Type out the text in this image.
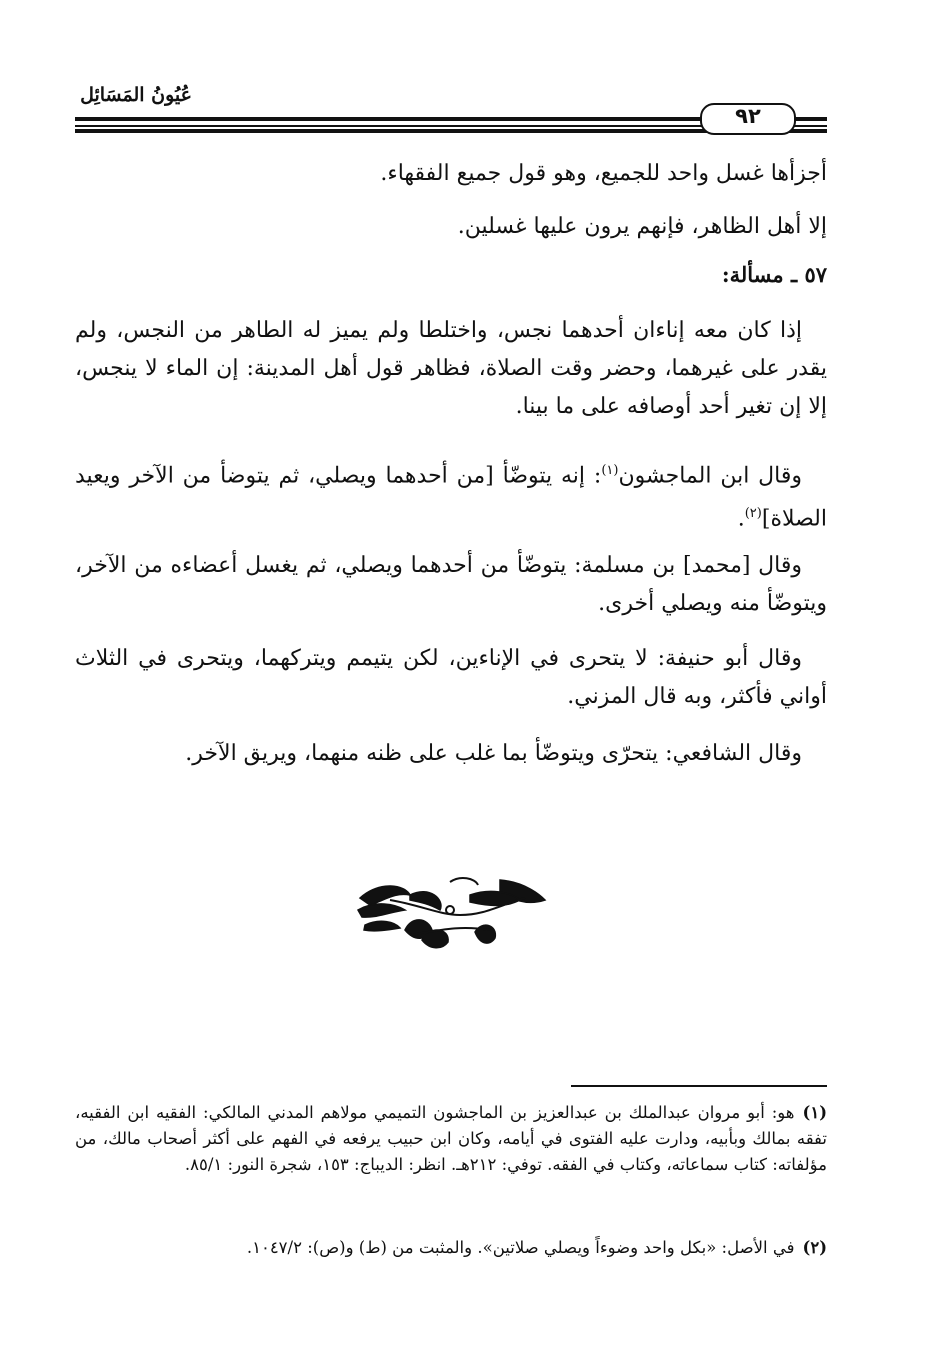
عُيُونُ المَسَائِل
٩٢
أجزأها غسل واحد للجميع، وهو قول جميع الفقهاء.
إلا أهل الظاهر، فإنهم يرون عليها غسلين.
٥٧ ـ مسألة:
إذا كان معه إناءان أحدهما نجس، واختلطا ولم يميز له الطاهر من النجس، ولم يقدر على غيرهما، وحضر وقت الصلاة، فظاهر قول أهل المدينة: إن الماء لا ينجس، إلا إن تغير أحد أوصافه على ما بينا.
وقال ابن الماجشون$^{(١)}$: إنه يتوضّأ [من أحدهما ويصلي، ثم يتوضأ من الآخر ويعيد الصلاة]$^{(٢)}$.
وقال [محمد] بن مسلمة: يتوضّأ من أحدهما ويصلي، ثم يغسل أعضاءه من الآخر، ويتوضّأ منه ويصلي أخرى.
وقال أبو حنيفة: لا يتحرى في الإناءين، لكن يتيمم ويتركهما، ويتحرى في الثلاث أواني فأكثر، وبه قال المزني.
وقال الشافعي: يتحرّى ويتوضّأ بما غلب على ظنه منهما، ويريق الآخر.
(١)هو: أبو مروان عبدالملك بن عبدالعزيز بن الماجشون التميمي مولاهم المدني المالكي: الفقيه ابن الفقيه، تفقه بمالك وبأبيه، ودارت عليه الفتوى في أيامه، وكان ابن حبيب يرفعه في الفهم على أكثر أصحاب مالك، من مؤلفاته: كتاب سماعاته، وكتاب في الفقه. توفي: ٢١٢هـ. انظر: الديباج: ١٥٣، شجرة النور: ٨٥/١.
(٢)في الأصل: «بكل واحد وضوءاً ويصلي صلاتين». والمثبت من (ط) و(ص): ١٠٤٧/٢.
